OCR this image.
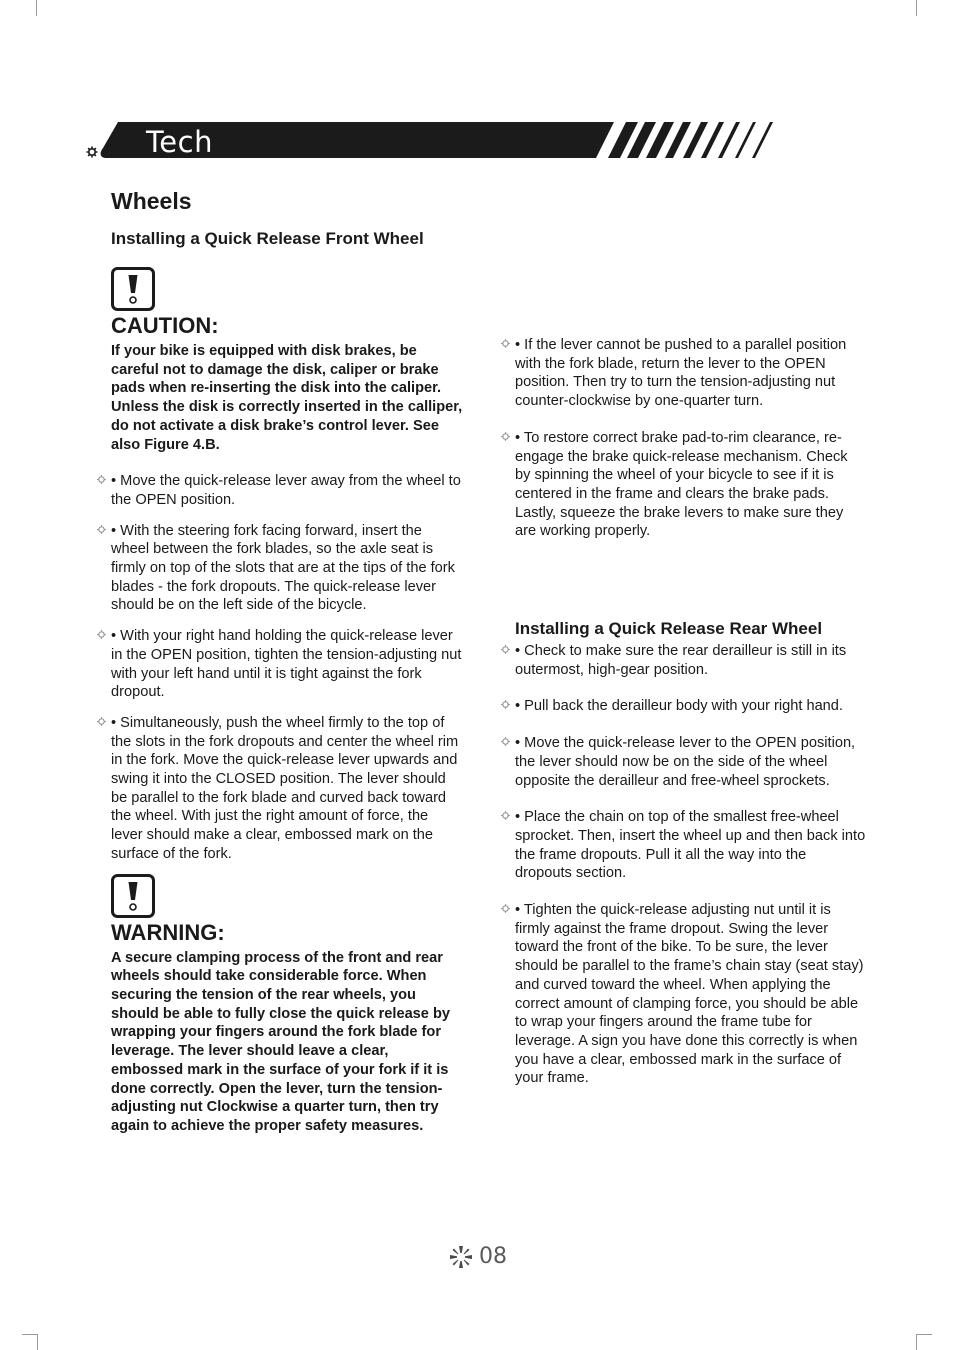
Tech
Wheels
Installing a Quick Release Front Wheel
CAUTION:

If your bike is equipped with disk brakes, be careful not to damage the disk, caliper or brake pads when re-inserting the disk into the caliper. Unless the disk is correctly inserted in the calliper, do not activate a disk brake’s control lever. See also Figure 4.B.

• Move the quick-release lever away from the wheel to the OPEN position.
• With the steering fork facing forward, insert the wheel between the fork blades, so the axle seat is firmly on top of the slots that are at the tips of the fork blades - the fork dropouts. The quick-release lever should be on the left side of the bicycle.
• With your right hand holding the quick-release lever in the OPEN position, tighten the tension-adjusting nut with your left hand until it is tight against the fork dropout.
• Simultaneously, push the wheel firmly to the top of the slots in the fork dropouts and center the wheel rim in the fork. Move the quick-release lever upwards and swing it into the CLOSED position. The lever should be parallel to the fork blade and curved back toward the wheel. With just the right amount of force, the lever should make a clear, embossed mark on the surface of the fork.
WARNING:

A secure clamping process of the front and rear wheels should take considerable force. When securing the tension of the rear wheels, you should be able to fully close the quick release by wrapping your fingers around the fork blade for leverage. The lever should leave a clear, embossed mark in the surface of your fork if it is done correctly. Open the lever, turn the tension-adjusting nut Clockwise a quarter turn, then try again to achieve the proper safety measures.

• If the lever cannot be pushed to a parallel position with the fork blade, return the lever to the OPEN position. Then try to turn the tension-adjusting nut counter-clockwise by one-quarter turn.
• To restore correct brake pad-to-rim clearance, re-engage the brake quick-release mechanism. Check by spinning the wheel of your bicycle to see if it is centered in the frame and clears the brake pads. Lastly, squeeze the brake levers to make sure they are working properly.
Installing a Quick Release Rear Wheel
• Check to make sure the rear derailleur is still in its outermost, high-gear position.
• Pull back the derailleur body with your right hand.
• Move the quick-release lever to the OPEN position, the lever should now be on the side of the wheel opposite the derailleur and free-wheel sprockets.
• Place the chain on top of the smallest free-wheel sprocket. Then, insert the wheel up and then back into the frame dropouts. Pull it all the way into the dropouts section.
• Tighten the quick-release adjusting nut until it is firmly against the frame dropout. Swing the lever toward the front of the bike. To be sure, the lever should be parallel to the frame’s chain stay (seat stay) and curved toward the wheel. When applying the correct amount of clamping force, you should be able to wrap your fingers around the frame tube for leverage. A sign you have done this correctly is when you have a clear, embossed mark in the surface of your frame.
08
